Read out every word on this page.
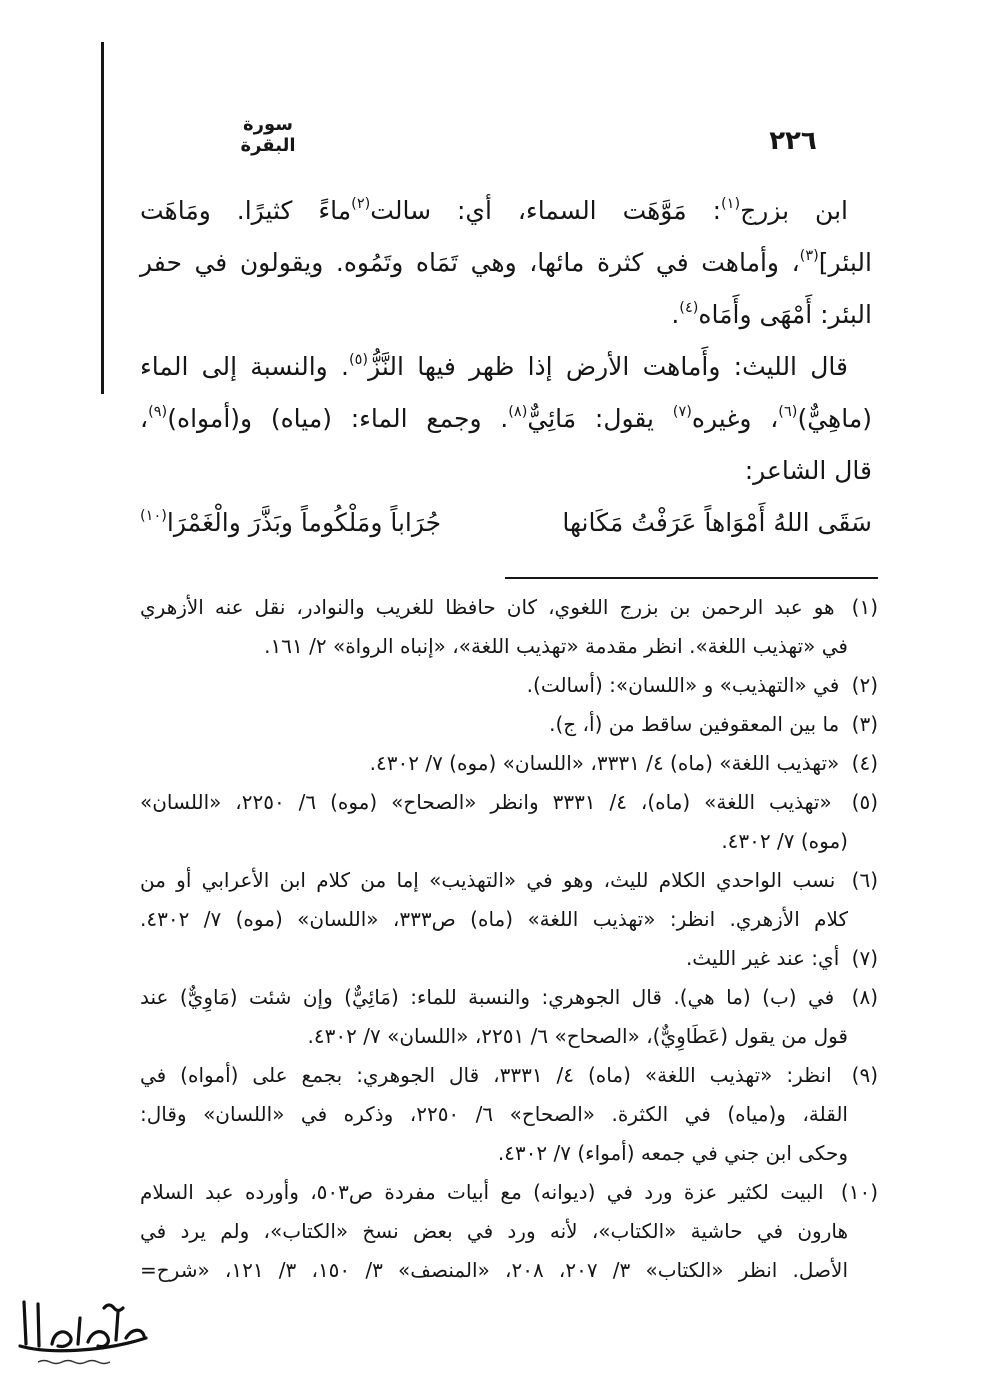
سورة البقرة	٢٢٦
ابن بزرج$^{(١)}$: مَوَّهَت السماء، أي: سالت$^{(٢)}$ماءً كثيرًا. ومَاهَت
البئر]$^{(٣)}$، وأماهت في كثرة مائها، وهي تَمَاه وتَمُوه. ويقولون في حفر
البئر: أَمْهَى وأَمَاه$^{(٤)}$.
قال الليث: وأَماهت الأرض إذا ظهر فيها النَّزُّ$^{(٥)}$. والنسبة إلى الماء
(ماهِيٌّ)$^{(٦)}$، وغيره$^{(٧)}$ يقول: مَائِيٌّ$^{(٨)}$. وجمع الماء: (مياه) و(أمواه)$^{(٩)}$،
قال الشاعر:
سَقَى اللهُ أَمْوَاهاً عَرَفْتُ مَكَانها
جُرَاباً ومَلْكُوماً وبَذَّرَ والْغَمْرَا$^{(١٠)}$
(١) هو عبد الرحمن بن بزرج اللغوي، كان حافظا للغريب والنوادر، نقل عنه الأزهري
في «تهذيب اللغة». انظر مقدمة «تهذيب اللغة»، «إنباه الرواة» ٢/ ١٦١.
(٢) في «التهذيب» و «اللسان»: (أسالت).
(٣) ما بين المعقوفين ساقط من (أ، ج).
(٤) «تهذيب اللغة» (ماه) ٤/ ٣٣٣١، «اللسان» (موه) ٧/ ٤٣٠٢.
(٥) «تهذيب اللغة» (ماه)، ٤/ ٣٣٣١ وانظر «الصحاح» (موه) ٦/ ٢٢٥٠، «اللسان»
(موه) ٧/ ٤٣٠٢.
(٦) نسب الواحدي الكلام لليث، وهو في «التهذيب» إما من كلام ابن الأعرابي أو من
كلام الأزهري. انظر: «تهذيب اللغة» (ماه) ص٣٣٣، «اللسان» (موه) ٧/ ٤٣٠٢.
(٧) أي: عند غير الليث.
(٨) في (ب) (ما هي). قال الجوهري: والنسبة للماء: (مَائِيٌّ) وإن شئت (مَاوِيٌّ) عند
قول من يقول (عَطَاوِيٌّ)، «الصحاح» ٦/ ٢٢٥١، «اللسان» ٧/ ٤٣٠٢.
(٩) انظر: «تهذيب اللغة» (ماه) ٤/ ٣٣٣١، قال الجوهري: بجمع على (أمواه) في
القلة، و(مياه) في الكثرة. «الصحاح» ٦/ ٢٢٥٠، وذكره في «اللسان» وقال:
وحكى ابن جني في جمعه (أمواء) ٧/ ٤٣٠٢.
(١٠) البيت لكثير عزة ورد في (ديوانه) مع أبيات مفردة ص٥٠٣، وأورده عبد السلام
هارون في حاشية «الكتاب»، لأنه ورد في بعض نسخ «الكتاب»، ولم يرد في
الأصل. انظر «الكتاب» ٣/ ٢٠٧، ٢٠٨، «المنصف» ٣/ ١٥٠، ٣/ ١٢١، «شرح=
